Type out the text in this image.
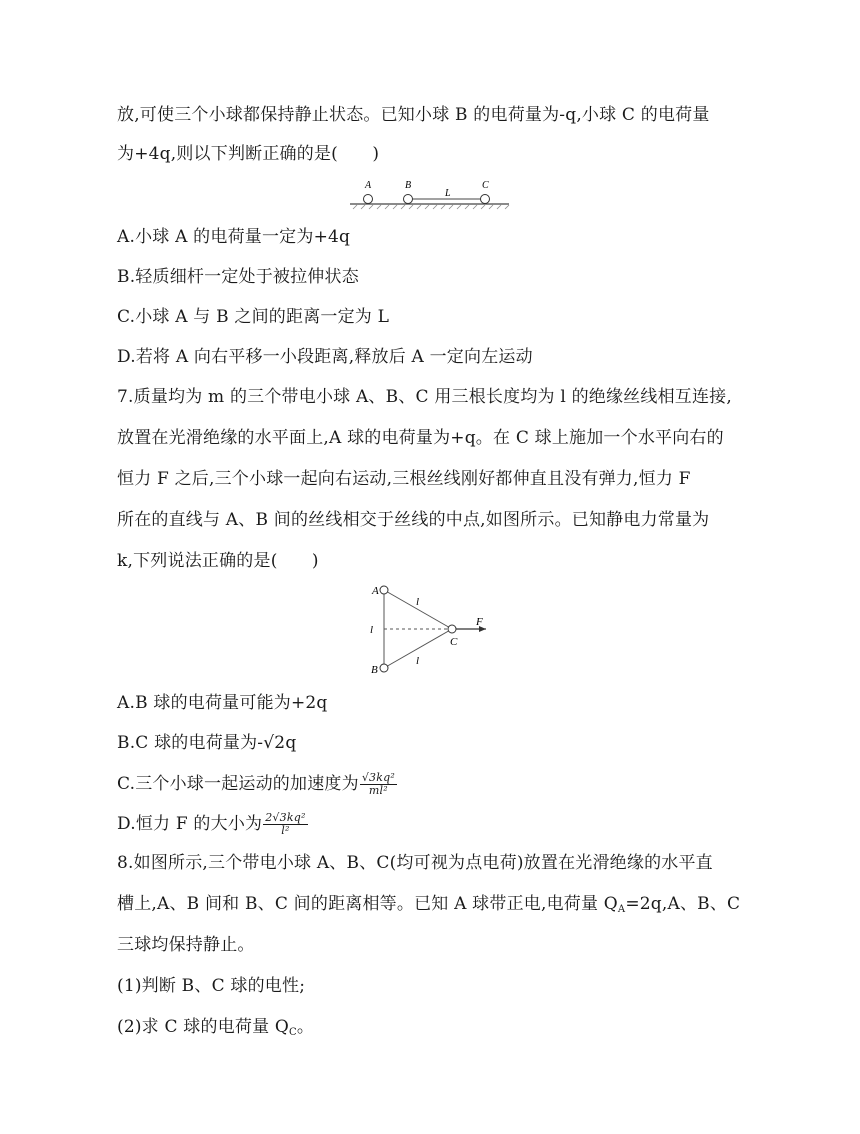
放,可使三个小球都保持静止状态。已知小球 B 的电荷量为-q,小球 C 的电荷量
为+4q,则以下判断正确的是(　　)
A	B
L
C
A.小球 A 的电荷量一定为+4q
B.轻质细杆一定处于被拉伸状态
C.小球 A 与 B 之间的距离一定为 L
D.若将 A 向右平移一小段距离,释放后 A 一定向左运动
7.质量均为 m 的三个带电小球 A、B、C 用三根长度均为 l 的绝缘丝线相互连接,
放置在光滑绝缘的水平面上,A 球的电荷量为+q。在 C 球上施加一个水平向右的
恒力 F 之后,三个小球一起向右运动,三根丝线刚好都伸直且没有弹力,恒力 F
所在的直线与 A、B 间的丝线相交于丝线的中点,如图所示。已知静电力常量为
k,下列说法正确的是(　　)
A
B
C
l
l
l
F
A.B 球的电荷量可能为+2q
B.C 球的电荷量为-√2q
C.三个小球一起运动的加速度为 $\frac{\text{√3kq²}}{\text{ml²}}$
D.恒力 F 的大小为 $\frac{\text{2√3kq²}}{\text{l²}}$
8.如图所示,三个带电小球 A、B、C(均可视为点电荷)放置在光滑绝缘的水平直
槽上,A、B 间和 B、C 间的距离相等。已知 A 球带正电,电荷量 $Q_A=2q,A$、B、C
三球均保持静止。
(1)判断 B、C 球的电性;
(2)求 C 球的电荷量 $Q_C$。
